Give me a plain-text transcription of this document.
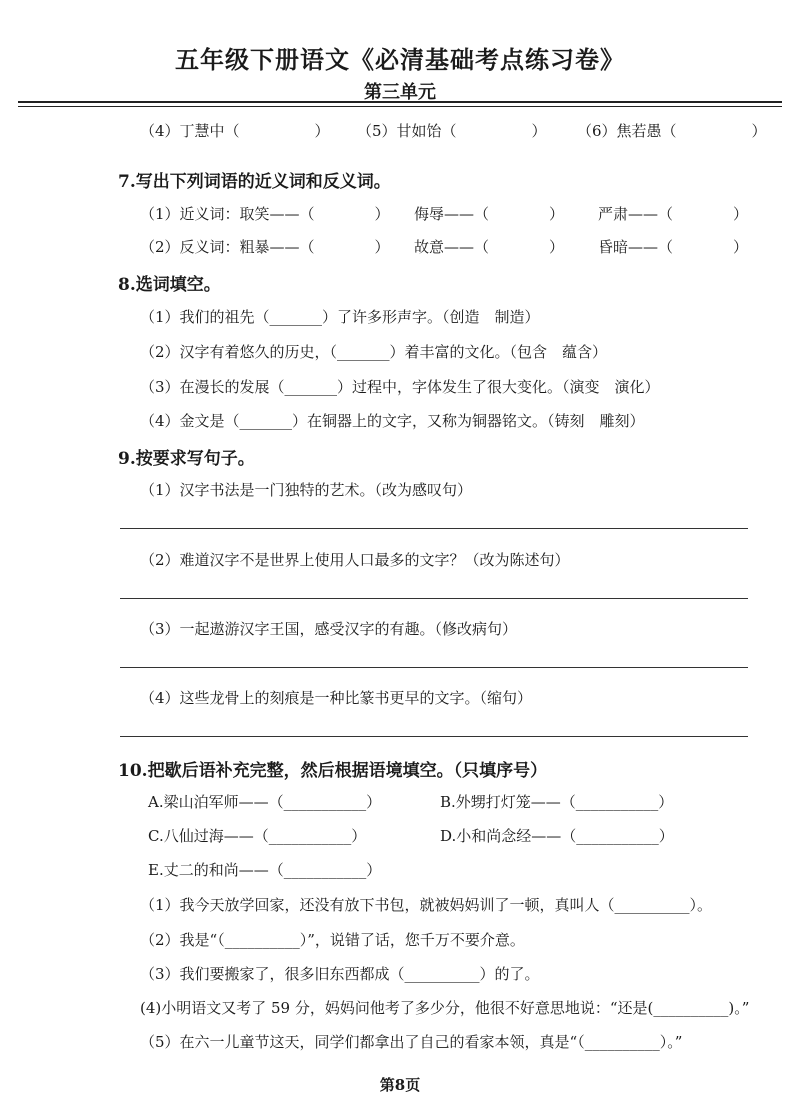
五年级下册语文《必清基础考点练习卷》
第三单元
（4）丁慧中（　　　　　） （5）甘如饴（　　　　　） （6）焦若愚（　　　　　）
7.写出下列词语的近义词和反义词。
（1）近义词：取笑——（　　　　） 侮辱——（　　　　） 严肃——（　　　　）
（2）反义词：粗暴——（　　　　） 故意——（　　　　） 昏暗——（　　　　）
8.选词填空。
（1）我们的祖先（_______）了许多形声字。（创造　制造）
（2）汉字有着悠久的历史，（_______）着丰富的文化。（包含　蕴含）
（3）在漫长的发展（_______）过程中，字体发生了很大变化。（演变　演化）
（4）金文是（_______）在铜器上的文字，又称为铜器铭文。（铸刻　雕刻）
9.按要求写句子。
（1）汉字书法是一门独特的艺术。（改为感叹句）
（2）难道汉字不是世界上使用人口最多的文字？（改为陈述句）
（3）一起遨游汉字王国，感受汉字的有趣。（修改病句）
（4）这些龙骨上的刻痕是一种比篆书更早的文字。（缩句）
10.把歇后语补充完整，然后根据语境填空。（只填序号）
A.梁山泊军师——（___________）	B.外甥打灯笼——（___________）
C.八仙过海——（___________）	D.小和尚念经——（___________）
E.丈二的和尚——（___________）
（1）我今天放学回家，还没有放下书包，就被妈妈训了一顿，真叫人（__________）。
（2）我是“（__________）”，说错了话，您千万不要介意。
（3）我们要搬家了，很多旧东西都成（__________）的了。
(4)小明语文又考了 59 分，妈妈问他考了多少分，他很不好意思地说：“还是(__________)。”
（5）在六一儿童节这天，同学们都拿出了自己的看家本领，真是“（__________）。”
第8页
